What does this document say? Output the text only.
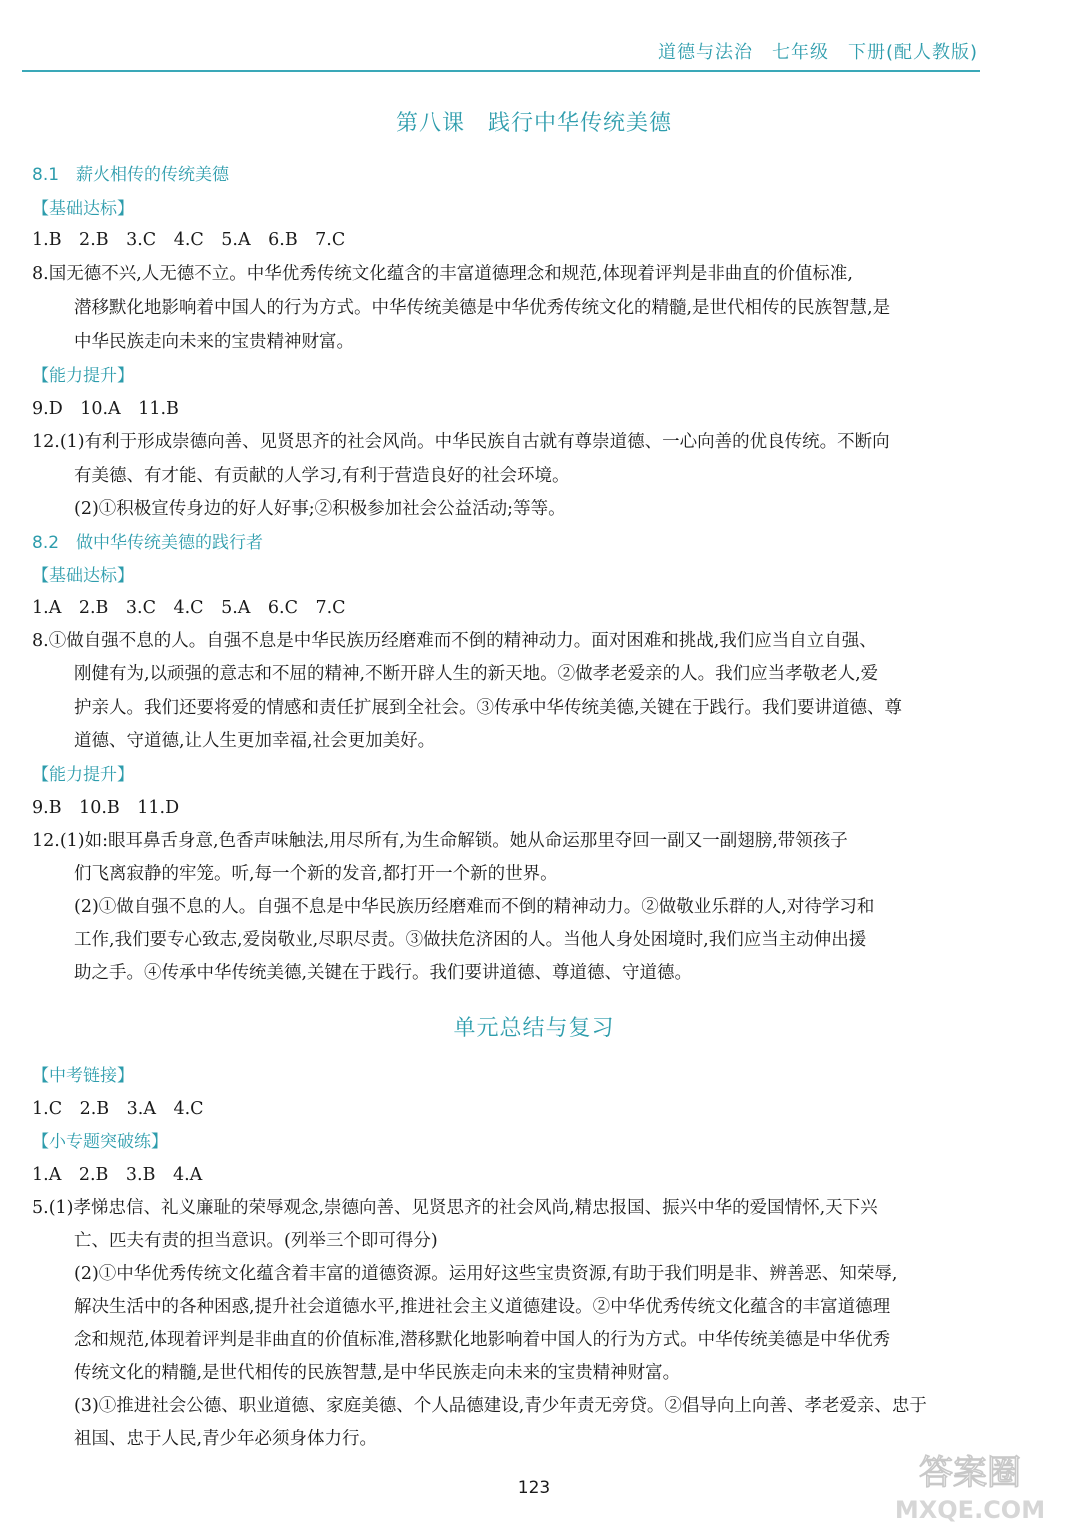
道德与法治　七年级　下册(配人教版)
第八课　践行中华传统美德
8.1　薪火相传的传统美德
【基础达标】
1.B　2.B　3.C　4.C　5.A　6.B　7.C
8.国无德不兴,人无德不立。中华优秀传统文化蕴含的丰富道德理念和规范,体现着评判是非曲直的价值标准,
潜移默化地影响着中国人的行为方式。中华传统美德是中华优秀传统文化的精髓,是世代相传的民族智慧,是
中华民族走向未来的宝贵精神财富。
【能力提升】
9.D　10.A　11.B
12.(1)有利于形成崇德向善、见贤思齐的社会风尚。中华民族自古就有尊崇道德、一心向善的优良传统。不断向
有美德、有才能、有贡献的人学习,有利于营造良好的社会环境。
(2)①积极宣传身边的好人好事;②积极参加社会公益活动;等等。
8.2　做中华传统美德的践行者
【基础达标】
1.A　2.B　3.C　4.C　5.A　6.C　7.C
8.①做自强不息的人。自强不息是中华民族历经磨难而不倒的精神动力。面对困难和挑战,我们应当自立自强、
刚健有为,以顽强的意志和不屈的精神,不断开辟人生的新天地。②做孝老爱亲的人。我们应当孝敬老人,爱
护亲人。我们还要将爱的情感和责任扩展到全社会。③传承中华传统美德,关键在于践行。我们要讲道德、尊
道德、守道德,让人生更加幸福,社会更加美好。
【能力提升】
9.B　10.B　11.D
12.(1)如:眼耳鼻舌身意,色香声味触法,用尽所有,为生命解锁。她从命运那里夺回一副又一副翅膀,带领孩子
们飞离寂静的牢笼。听,每一个新的发音,都打开一个新的世界。
(2)①做自强不息的人。自强不息是中华民族历经磨难而不倒的精神动力。②做敬业乐群的人,对待学习和
工作,我们要专心致志,爱岗敬业,尽职尽责。③做扶危济困的人。当他人身处困境时,我们应当主动伸出援
助之手。④传承中华传统美德,关键在于践行。我们要讲道德、尊道德、守道德。
单元总结与复习
【中考链接】
1.C　2.B　3.A　4.C
【小专题突破练】
1.A　2.B　3.B　4.A
5.(1)孝悌忠信、礼义廉耻的荣辱观念,崇德向善、见贤思齐的社会风尚,精忠报国、振兴中华的爱国情怀,天下兴
亡、匹夫有责的担当意识。(列举三个即可得分)
(2)①中华优秀传统文化蕴含着丰富的道德资源。运用好这些宝贵资源,有助于我们明是非、辨善恶、知荣辱,
解决生活中的各种困惑,提升社会道德水平,推进社会主义道德建设。②中华优秀传统文化蕴含的丰富道德理
念和规范,体现着评判是非曲直的价值标准,潜移默化地影响着中国人的行为方式。中华传统美德是中华优秀
传统文化的精髓,是世代相传的民族智慧,是中华民族走向未来的宝贵精神财富。
(3)①推进社会公德、职业道德、家庭美德、个人品德建设,青少年责无旁贷。②倡导向上向善、孝老爱亲、忠于
祖国、忠于人民,青少年必须身体力行。
123	答案圈
MXQE.COM
